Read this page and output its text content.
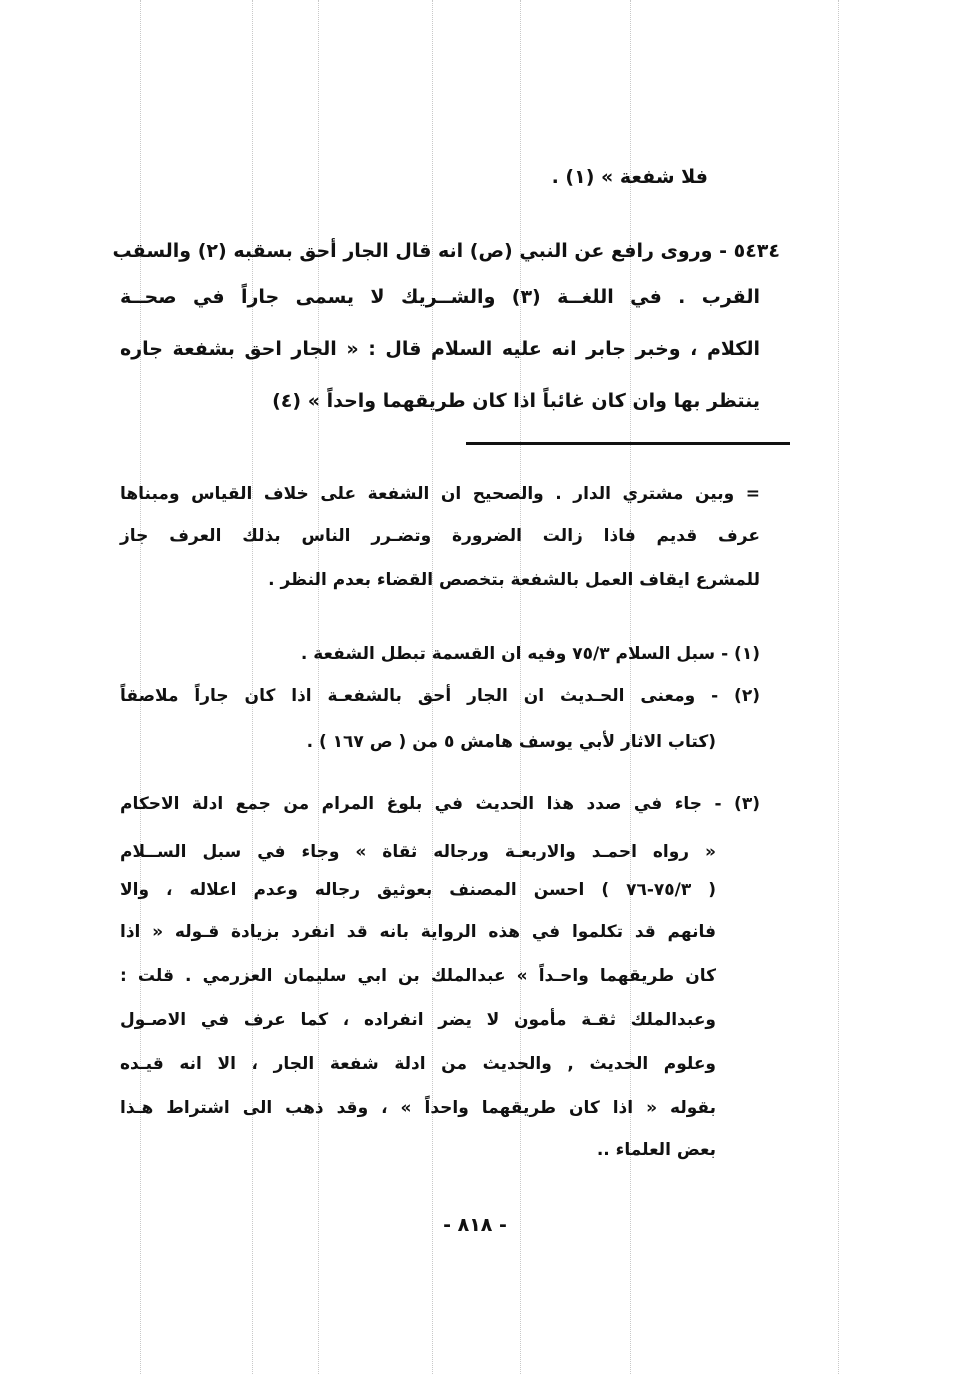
فلا شفعة » (١) .
٥٤٣٤ - وروى رافع عن النبي (ص) انه قال الجار أحق بسقبه (٢) والسقب
القرب . في اللغــة (٣) والشــريك لا يسمى جاراً في صحــة
الكلام ، وخبر جابر انه عليه السلام قال : « الجار احق بشفعة جاره
ينتظر بها وان كان غائباً اذا كان طريقهما واحداً » (٤)
= وبين مشتري الدار . والصحيح ان الشفعة على خلاف القياس ومبناها
عرف قديم فاذا زالت الضرورة وتضـرر الناس بذلك العرف جاز
للمشرع ايقاف العمل بالشفعة بتخصص القضاء بعدم النظر .
(١) - سبل السلام ٧٥/٣ وفيه ان القسمة تبطل الشفعة .
(٢) - ومعنى الحـديث ان الجار أحق بالشفعـة اذا كان جاراً ملاصقاً
(كتاب الاثار لأبي يوسف هامش ٥ من ( ص ١٦٧ ) .
(٣) - جاء في صدد هذا الحديث في بلوغ المرام من جمع ادلة الاحكام
« رواه احمـد والاربعـة ورجاله ثقاة » وجاء في سبل الســلام
( ٧٥/٣-٧٦ ) احسن المصنف بعوثيق رجاله وعدم اعلاله ، والا
فانهم قد تكلموا في هذه الرواية بانه قد انفرد بزيادة قـوله « اذا
كان طريقهما واحـداً » عبدالملك بن ابي سليمان العزرمي . قلت :
وعبدالملك ثقـة مأمون لا يضر انفراده ، كما عرف في الاصـول
وعلوم الحديث , والحديث من ادلة شفعة الجار ، الا انه قيـده
بقوله « اذا كان طريقهما واحداً » ، وقد ذهب الى اشتراط هـذا
بعض العلماء ..
- ٨١٨ -
